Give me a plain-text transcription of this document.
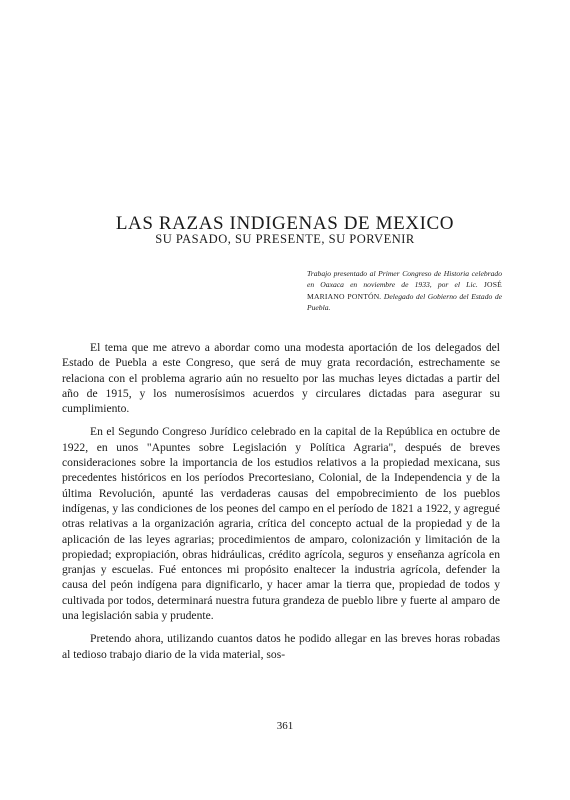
LAS RAZAS INDIGENAS DE MEXICO
SU PASADO, SU PRESENTE, SU PORVENIR
Trabajo presentado al Primer Congreso de Historia celebrado en Oaxaca en noviembre de 1933, por el Lic. JOSÉ MARIANO PONTÓN. Delegado del Gobierno del Estado de Puebla.

El tema que me atrevo a abordar como una modesta aportación de los delegados del Estado de Puebla a este Congreso, que será de muy grata recordación, estrechamente se relaciona con el problema agrario aún no resuelto por las muchas leyes dictadas a partir del año de 1915, y los numerosísimos acuerdos y circulares dictadas para asegurar su cumplimiento.

En el Segundo Congreso Jurídico celebrado en la capital de la República en octubre de 1922, en unos "Apuntes sobre Legislación y Política Agraria", después de breves consideraciones sobre la importancia de los estudios relativos a la propiedad mexicana, sus precedentes históricos en los períodos Precortesiano, Colonial, de la Independencia y de la última Revolución, apunté las verdaderas causas del empobrecimiento de los pueblos indígenas, y las condiciones de los peones del campo en el período de 1821 a 1922, y agregué otras relativas a la organización agraria, crítica del concepto actual de la propiedad y de la aplicación de las leyes agrarias; procedimientos de amparo, colonización y limitación de la propiedad; expropiación, obras hidráulicas, crédito agrícola, seguros y enseñanza agrícola en granjas y escuelas. Fué entonces mi propósito enaltecer la industria agrícola, defender la causa del peón indígena para dignificarlo, y hacer amar la tierra que, propiedad de todos y cultivada por todos, determinará nuestra futura grandeza de pueblo libre y fuerte al amparo de una legislación sabia y prudente.

Pretendo ahora, utilizando cuantos datos he podido allegar en las breves horas robadas al tedioso trabajo diario de la vida material, sos-

361
